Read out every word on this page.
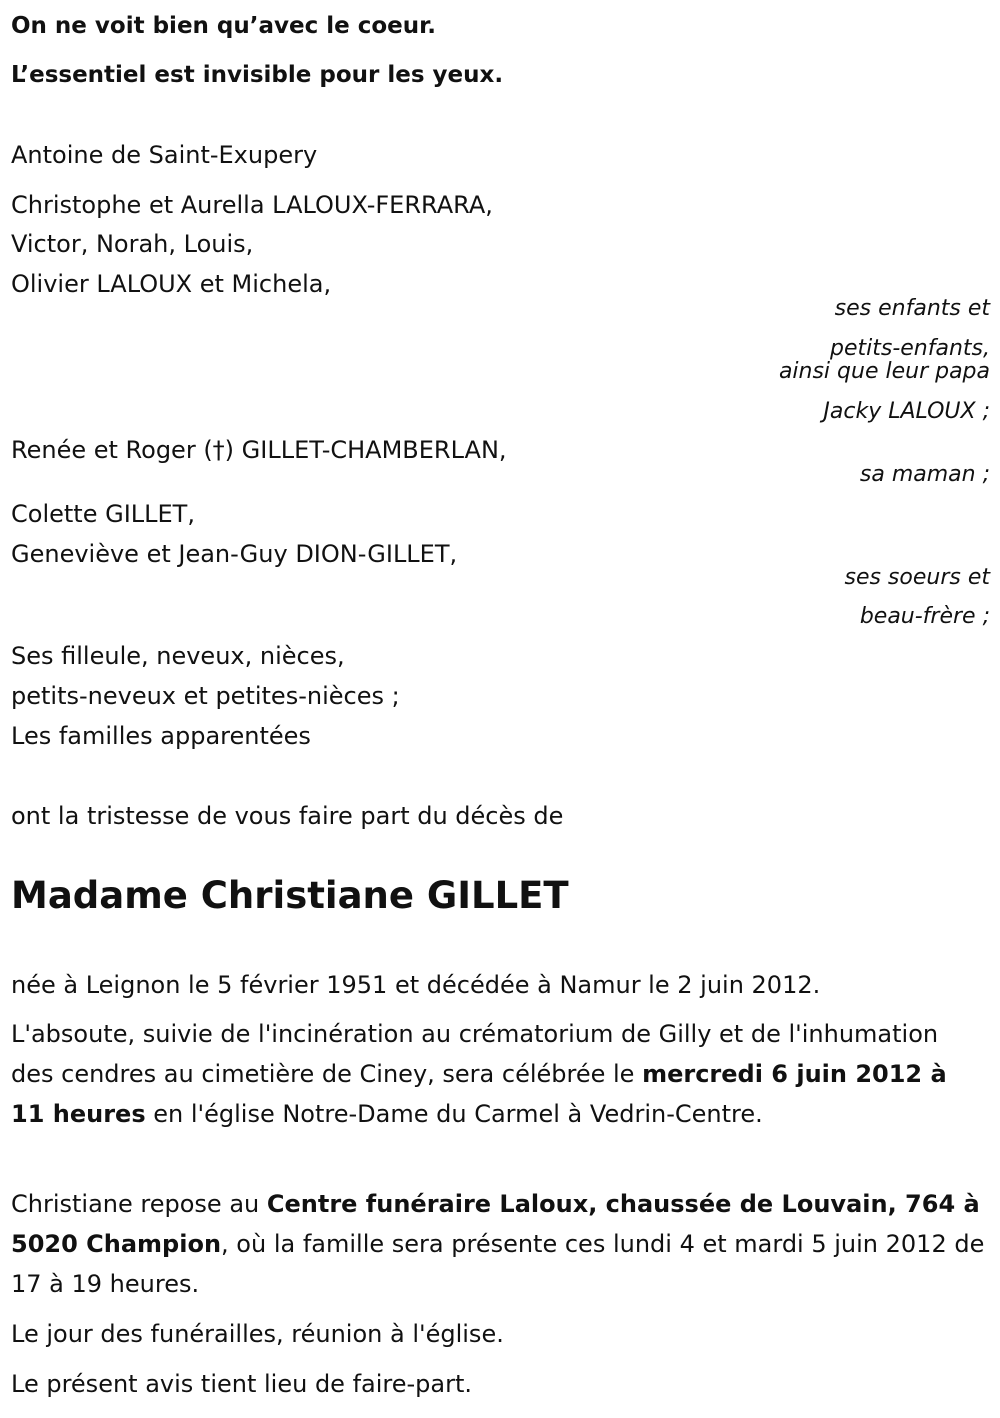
On ne voit bien qu’avec le coeur.
L’essentiel est invisible pour les yeux.
Antoine de Saint-Exupery
Christophe et Aurella LALOUX-FERRARA,
Victor, Norah, Louis,
Olivier LALOUX et Michela,
ses enfants et
petits-enfants,
ainsi que leur papa
Jacky LALOUX ;
Renée et Roger (†) GILLET-CHAMBERLAN,
sa maman ;
Colette GILLET,
Geneviève et Jean-Guy DION-GILLET,
ses soeurs et
beau-frère ;
Ses filleule, neveux, nièces,
petits-neveux et petites-nièces ;
Les familles apparentées
ont la tristesse de vous faire part du décès de
Madame Christiane GILLET
née à Leignon le 5 février 1951 et décédée à Namur le 2 juin 2012.
L'absoute, suivie de l'incinération au crématorium de Gilly et de l'inhumation des cendres au cimetière de Ciney, sera célébrée le mercredi 6 juin 2012 à 11 heures en l'église Notre-Dame du Carmel à Vedrin-Centre.
Christiane repose au Centre funéraire Laloux, chaussée de Louvain, 764 à 5020 Champion, où la famille sera présente ces lundi 4 et mardi 5 juin 2012 de 17 à 19 heures.
Le jour des funérailles, réunion à l'église.
Le présent avis tient lieu de faire-part.
